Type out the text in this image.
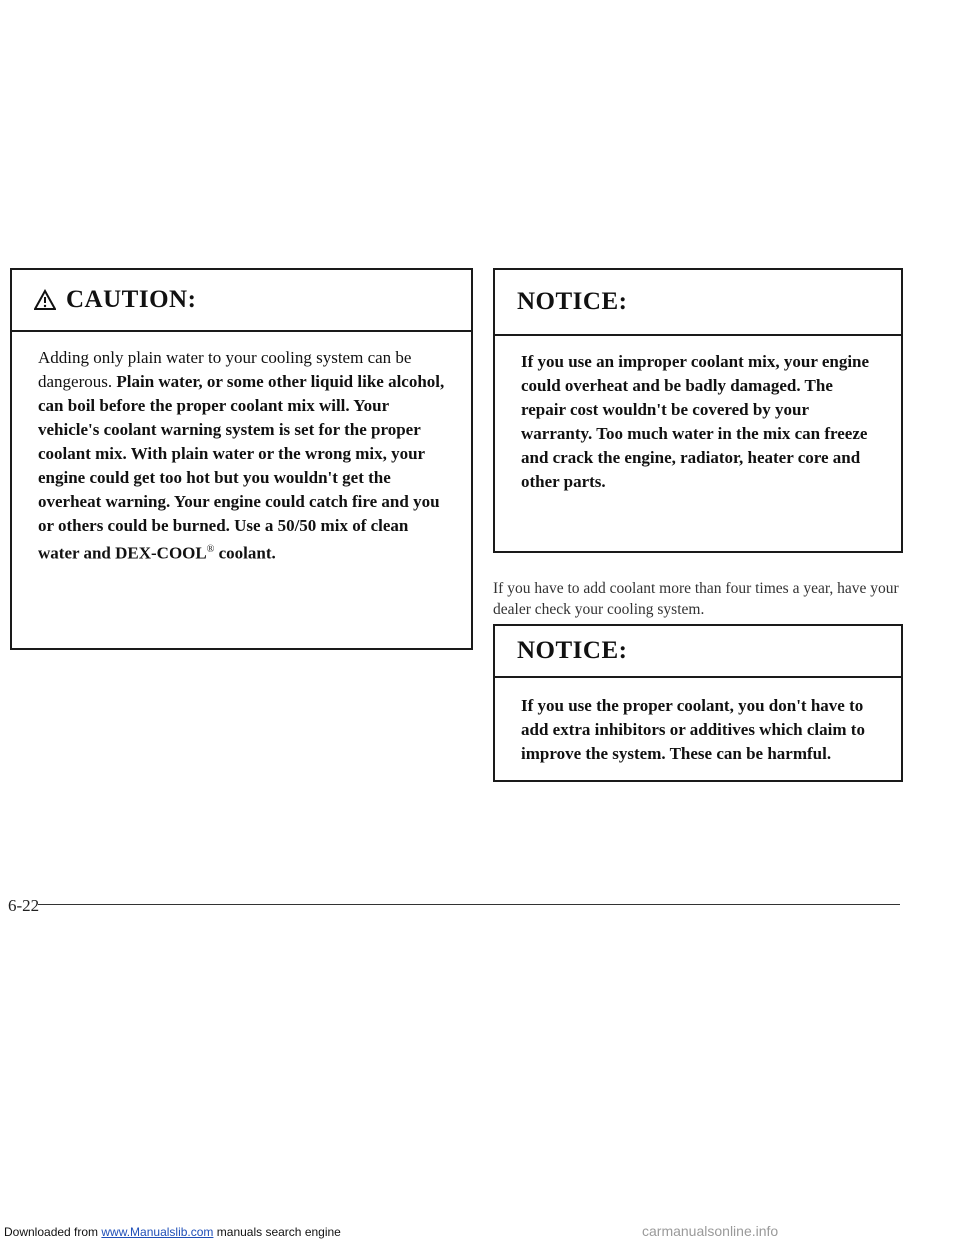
CAUTION:
Adding only plain water to your cooling system can be dangerous. Plain water, or some other liquid like alcohol, can boil before the proper coolant mix will. Your vehicle's coolant warning system is set for the proper coolant mix. With plain water or the wrong mix, your engine could get too hot but you wouldn't get the overheat warning. Your engine could catch fire and you or others could be burned. Use a 50/50 mix of clean water and DEX-COOL® coolant.
NOTICE:
If you use an improper coolant mix, your engine could overheat and be badly damaged. The repair cost wouldn't be covered by your warranty. Too much water in the mix can freeze and crack the engine, radiator, heater core and other parts.
If you have to add coolant more than four times a year, have your dealer check your cooling system.
NOTICE:
If you use the proper coolant, you don't have to add extra inhibitors or additives which claim to improve the system. These can be harmful.
6-22
Downloaded from www.Manualslib.com manuals search engine	carmanualsonline.info
